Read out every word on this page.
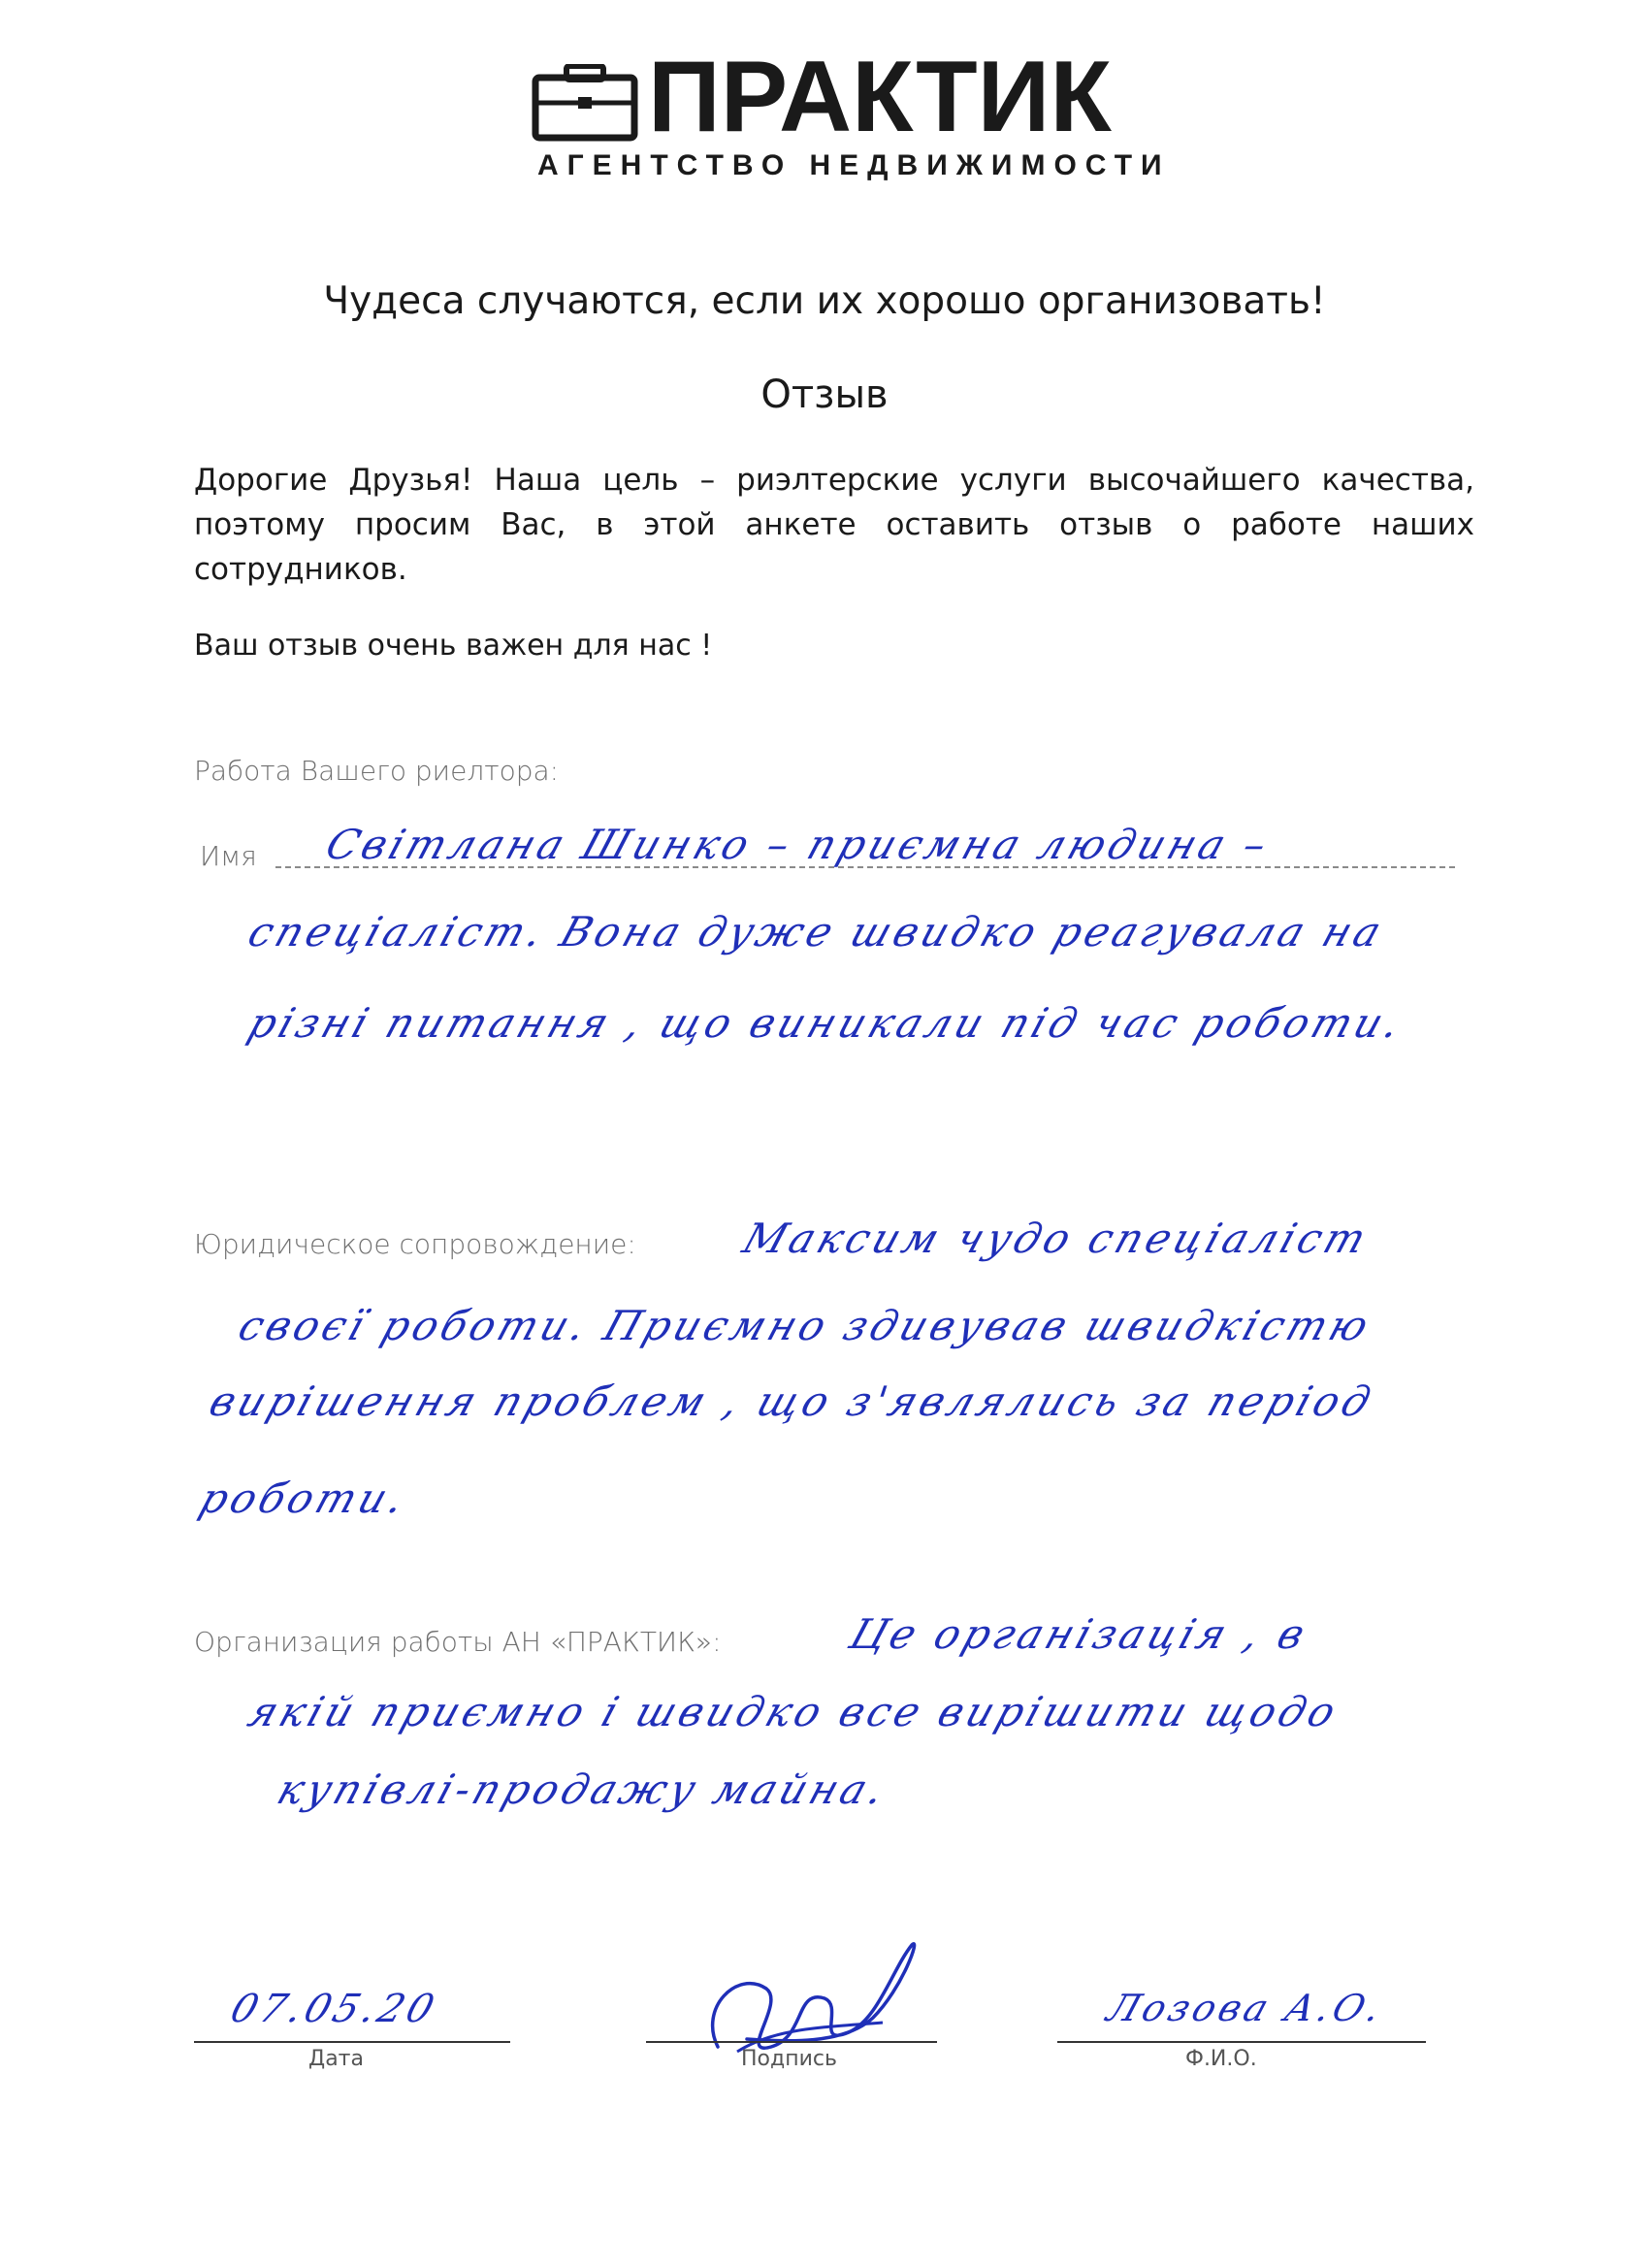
ПРАКТИК
АГЕНТСТВО НЕДВИЖИМОСТИ
Чудеса случаются, если их хорошо организовать!
Отзыв
Дорогие Друзья! Наша цель – риэлтерские услуги высочайшего качества, поэтому просим Вас, в этой анкете оставить отзыв о работе наших сотрудников.
Ваш отзыв очень важен для нас !
Работа Вашего риелтора:
Имя Світлана Шинко – приємна людина –
спеціаліст. Вона дуже швидко реагувала на
різні питання , що виникали під час роботи.
Юридическое сопровождение: Максим чудо спеціаліст
своєї роботи. Приємно здивував швидкістю
вирішення проблем , що з'являлись за період
роботи.
Организация работы АН «ПРАКТИК»:	Це організація , в
якій приємно і швидко все вирішити щодо
купівлі-продажу майна.
07.05.20
Дата	Подпись
Лозова А.О.
Ф.И.О.
